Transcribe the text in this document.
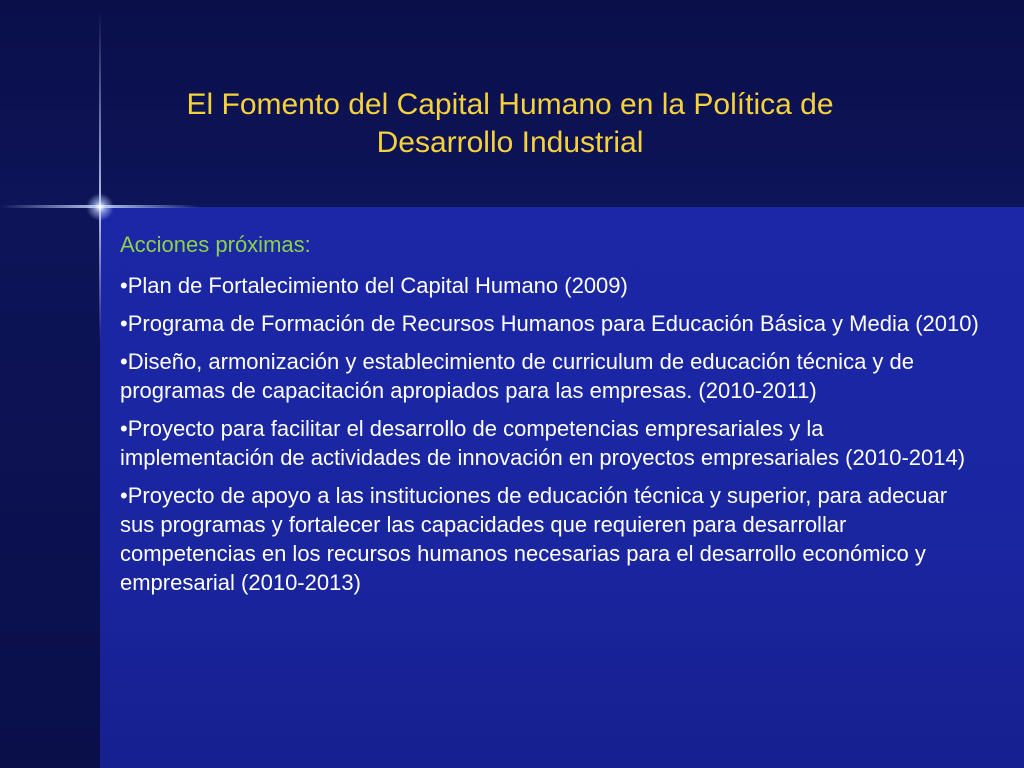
El Fomento del Capital Humano en la Política de
Desarrollo Industrial
Acciones próximas:
•Plan de Fortalecimiento del Capital Humano (2009)
•Programa de Formación de Recursos Humanos para Educación Básica y Media (2010)
•Diseño, armonización y establecimiento de curriculum de educación técnica y de programas de capacitación apropiados para las empresas. (2010-2011)
•Proyecto para facilitar el desarrollo de competencias empresariales y la implementación de actividades de innovación en proyectos empresariales (2010-2014)
•Proyecto de apoyo a las instituciones de educación técnica y superior, para adecuar sus programas y fortalecer las capacidades que requieren para desarrollar competencias en los recursos humanos necesarias para el desarrollo económico y empresarial (2010-2013)
